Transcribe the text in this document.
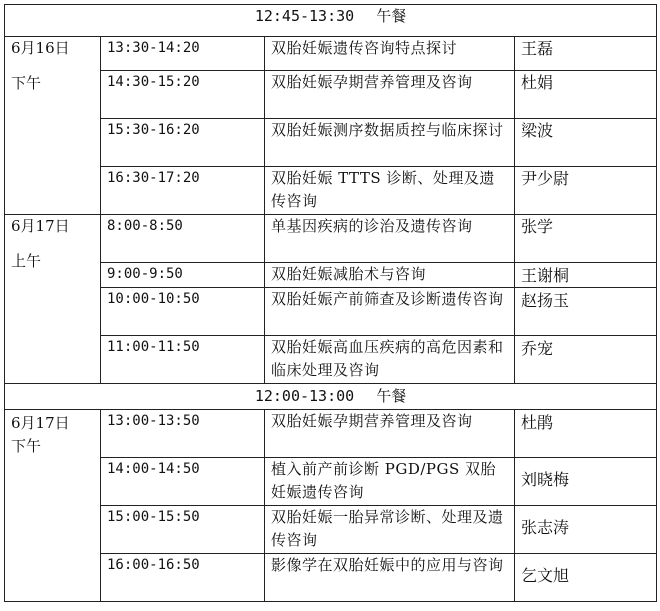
12:45-13:30 午餐			
6月16日
下午	13:30-14:20	双胎妊娠遗传咨询特点探讨	王磊
	14:30-15:20	双胎妊娠孕期营养管理及咨询	杜娟
	15:30-16:20	双胎妊娠测序数据质控与临床探讨	梁波
	16:30-17:20	双胎妊娠 TTTS 诊断、处理及遗传咨询	尹少尉
6月17日
上午	8:00-8:50	单基因疾病的诊治及遗传咨询	张学
	9:00-9:50	双胎妊娠减胎术与咨询	王谢桐
	10:00-10:50	双胎妊娠产前筛查及诊断遗传咨询	赵扬玉
	11:00-11:50	双胎妊娠高血压疾病的高危因素和临床处理及咨询	乔宠
12:00-13:00 午餐			
6月17日
下午	13:00-13:50	双胎妊娠孕期营养管理及咨询	杜鹃
	14:00-14:50	植入前产前诊断 PGD/PGS 双胎妊娠遗传咨询	刘晓梅
	15:00-15:50	双胎妊娠一胎异常诊断、处理及遗传咨询	张志涛
	16:00-16:50	影像学在双胎妊娠中的应用与咨询	乞文旭
